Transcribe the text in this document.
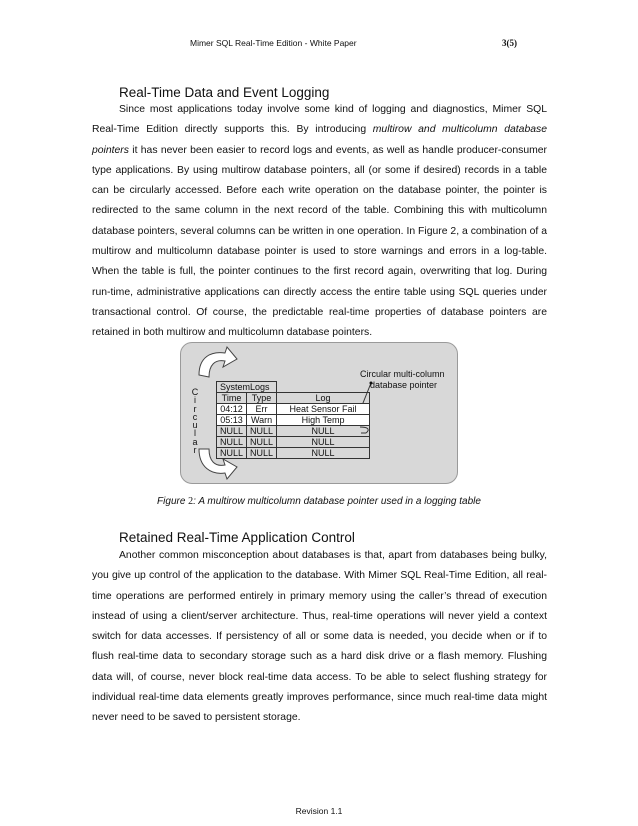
Mimer SQL Real-Time Edition - White Paper	3(5)
Real-Time Data and Event Logging

Since most applications today involve some kind of logging and diagnostics, Mimer SQL Real-Time Edition directly supports this. By introducing multirow and multicolumn database pointers it has never been easier to record logs and events, as well as handle producer-consumer type applications. By using multirow database pointers, all (or some if desired) records in a table can be circularly accessed. Before each write operation on the database pointer, the pointer is redirected to the same column in the next record of the table. Combining this with multicolumn database pointers, several columns can be written in one operation. In Figure 2, a combination of a multirow and multicolumn database pointer is used to store warnings and errors in a log-table. When the table is full, the pointer continues to the first record again, overwriting that log. During run-time, administrative applications can directly access the entire table using SQL queries under transactional control. Of course, the predictable real-time properties of database pointers are retained in both multirow and multicolumn database pointers.

C
i
r
c
u
l
a
r
SystemLogs		
Time	Type	Log
04:12	Err	Heat Sensor Fail
05:13	Warn	High Temp
NULL	NULL	NULL
NULL	NULL	NULL
NULL	NULL	NULL
Circular multi-column
database pointer
Figure 2: A multirow multicolumn database pointer used in a logging table
Retained Real-Time Application Control

Another common misconception about databases is that, apart from databases being bulky, you give up control of the application to the database. With Mimer SQL Real-Time Edition, all real-time operations are performed entirely in primary memory using the caller’s thread of execution instead of using a client/server architecture. Thus, real-time operations will never yield a context switch for data accesses. If persistency of all or some data is needed, you decide when or if to flush real-time data to secondary storage such as a hard disk drive or a flash memory. Flushing data will, of course, never block real-time data access. To be able to select flushing strategy for individual real-time data elements greatly improves performance, since much real-time data might never need to be saved to persistent storage.

Revision 1.1
